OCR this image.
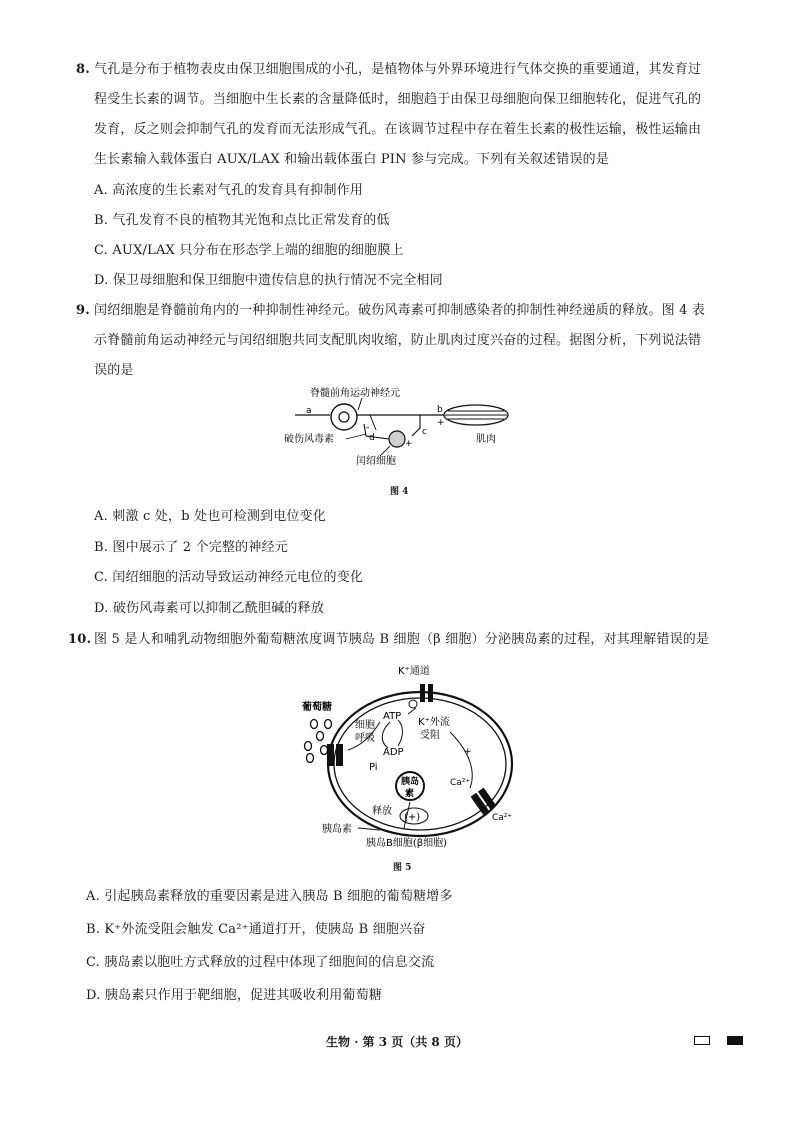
8. 气孔是分布于植物表皮由保卫细胞围成的小孔，是植物体与外界环境进行气体交换的重要通道，其发育过
程受生长素的调节。当细胞中生长素的含量降低时，细胞趋于由保卫母细胞向保卫细胞转化，促进气孔的
发育，反之则会抑制气孔的发育而无法形成气孔。在该调节过程中存在着生长素的极性运输，极性运输由
生长素输入载体蛋白 AUX/LAX 和输出载体蛋白 PIN 参与完成。下列有关叙述错误的是
A. 高浓度的生长素对气孔的发育具有抑制作用
B. 气孔发育不良的植物其光饱和点比正常发育的低
C. AUX/LAX 只分布在形态学上端的细胞的细胞膜上
D. 保卫母细胞和保卫细胞中遗传信息的执行情况不完全相同
9. 闰绍细胞是脊髓前角内的一种抑制性神经元。破伤风毒素可抑制感染者的抑制性神经递质的释放。图 4 表
示脊髓前角运动神经元与闰绍细胞共同支配肌肉收缩，防止肌肉过度兴奋的过程。据图分析，下列说法错
误的是
脊髓前角运动神经元
a	b
+
肌肉
c
+
d
-
破伤风毒素
闰绍细胞
图 4
A. 刺激 c 处，b 处也可检测到电位变化
B. 图中展示了 2 个完整的神经元
C. 闰绍细胞的活动导致运动神经元电位的变化
D. 破伤风毒素可以抑制乙酰胆碱的释放
10. 图 5 是人和哺乳动物细胞外葡萄糖浓度调节胰岛 B 细胞（β 细胞）分泌胰岛素的过程，对其理解错误的是
K⁺通道
葡萄糖
细胞
呼吸
ATP
K⁺外流
受阻
ADP
Pi
+
胰岛
素
Ca²⁺
Ca²⁺
释放
(+)
胰岛素
胰岛B细胞(β细胞)
图 5
A. 引起胰岛素释放的重要因素是进入胰岛 B 细胞的葡萄糖增多
B. K⁺外流受阻会触发 Ca²⁺通道打开，使胰岛 B 细胞兴奋
C. 胰岛素以胞吐方式释放的过程中体现了细胞间的信息交流
D. 胰岛素只作用于靶细胞，促进其吸收利用葡萄糖
生物 · 第 3 页（共 8 页）
